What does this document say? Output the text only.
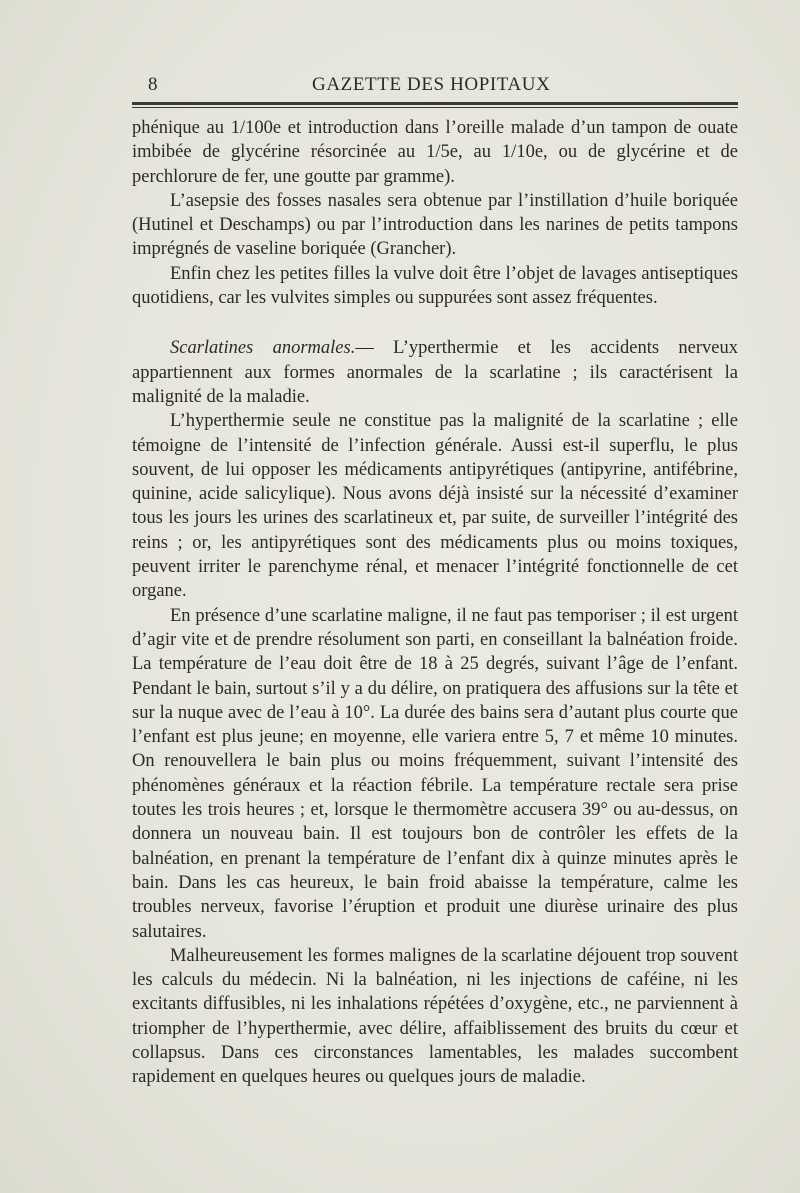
8	GAZETTE DES HOPITAUX

phénique au 1/100e et introduction dans l’oreille malade d’un tampon de ouate imbibée de glycérine résorcinée au 1/5e, au 1/10e, ou de glycérine et de perchlorure de fer, une goutte par gramme).

L’asepsie des fosses nasales sera obtenue par l’instillation d’huile boriquée (Hutinel et Deschamps) ou par l’introduction dans les narines de petits tampons imprégnés de vaseline boriquée (Grancher).

Enfin chez les petites filles la vulve doit être l’objet de lavages antiseptiques quotidiens, car les vulvites simples ou suppurées sont assez fréquentes.

Scarlatines anormales.— L’yperthermie et les accidents nerveux appartiennent aux formes anormales de la scarlatine ; ils caractérisent la malignité de la maladie.

L’hyperthermie seule ne constitue pas la malignité de la scarlatine ; elle témoigne de l’intensité de l’infection générale. Aussi est-il superflu, le plus souvent, de lui opposer les médicaments antipyrétiques (antipyrine, antifébrine, quinine, acide salicylique). Nous avons déjà insisté sur la nécessité d’examiner tous les jours les urines des scarlatineux et, par suite, de surveiller l’intégrité des reins ; or, les antipyrétiques sont des médicaments plus ou moins toxiques, peuvent irriter le parenchyme rénal, et menacer l’intégrité fonctionnelle de cet organe.

En présence d’une scarlatine maligne, il ne faut pas temporiser ; il est urgent d’agir vite et de prendre résolument son parti, en conseillant la balnéation froide. La température de l’eau doit être de 18 à 25 degrés, suivant l’âge de l’enfant. Pendant le bain, surtout s’il y a du délire, on pratiquera des affusions sur la tête et sur la nuque avec de l’eau à 10°. La durée des bains sera d’autant plus courte que l’enfant est plus jeune; en moyenne, elle variera entre 5, 7 et même 10 minutes. On renouvellera le bain plus ou moins fréquemment, suivant l’intensité des phénomènes généraux et la réaction fébrile. La température rectale sera prise toutes les trois heures ; et, lorsque le thermomètre accusera 39° ou au-dessus, on donnera un nouveau bain. Il est toujours bon de contrôler les effets de la balnéation, en prenant la température de l’enfant dix à quinze minutes après le bain. Dans les cas heureux, le bain froid abaisse la température, calme les troubles nerveux, favorise l’éruption et produit une diurèse urinaire des plus salutaires.

Malheureusement les formes malignes de la scarlatine déjouent trop souvent les calculs du médecin. Ni la balnéation, ni les injections de caféine, ni les excitants diffusibles, ni les inhalations répétées d’oxygène, etc., ne parviennent à triompher de l’hyperthermie, avec délire, affaiblissement des bruits du cœur et collapsus. Dans ces circonstances lamentables, les malades succombent rapidement en quelques heures ou quelques jours de maladie.
